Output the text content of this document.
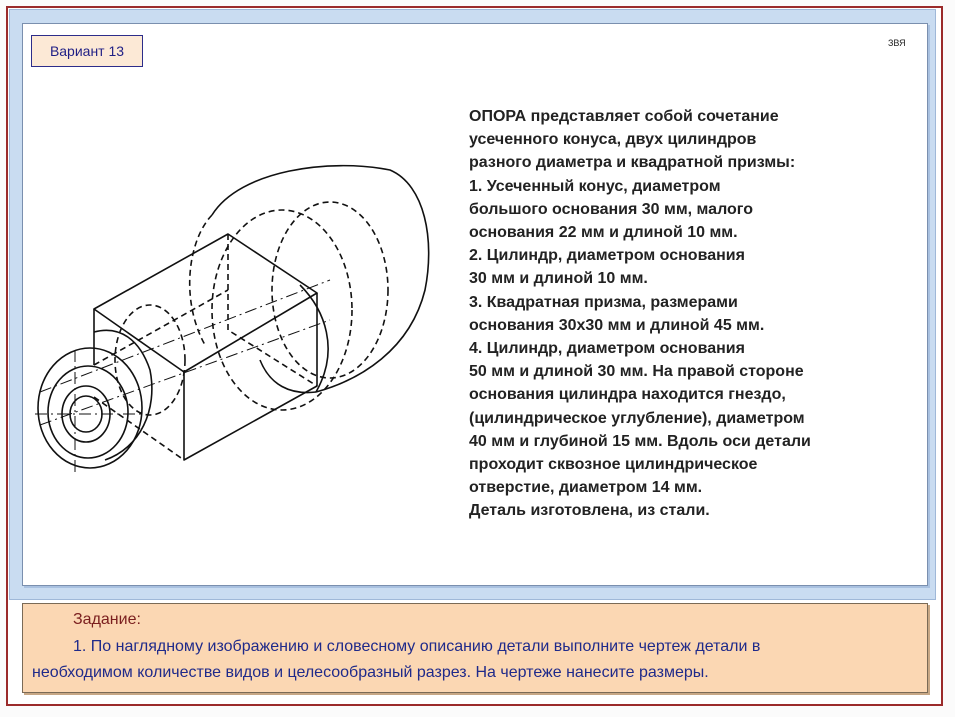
Вариант 13	ЗВЯ
ОПОРА представляет собой сочетание
усеченного конуса, двух цилиндров
разного диаметра и квадратной призмы:
1. Усеченный конус, диаметром
большого основания 30 мм, малого
основания 22 мм и длиной 10 мм.
2. Цилиндр, диаметром основания
30 мм и длиной 10 мм.
3. Квадратная призма, размерами
основания 30х30 мм и длиной 45 мм.
4. Цилиндр, диаметром основания
50 мм и длиной 30 мм. На правой стороне
основания цилиндра находится гнездо,
(цилиндрическое углубление), диаметром
40 мм и глубиной 15 мм. Вдоль оси детали
проходит сквозное цилиндрическое
отверстие, диаметром 14 мм.
Деталь изготовлена, из стали.
Задание:
1. По наглядному изображению и словесному описанию детали выполните чертеж детали в
необходимом количестве видов и целесообразный разрез. На чертеже нанесите размеры.
